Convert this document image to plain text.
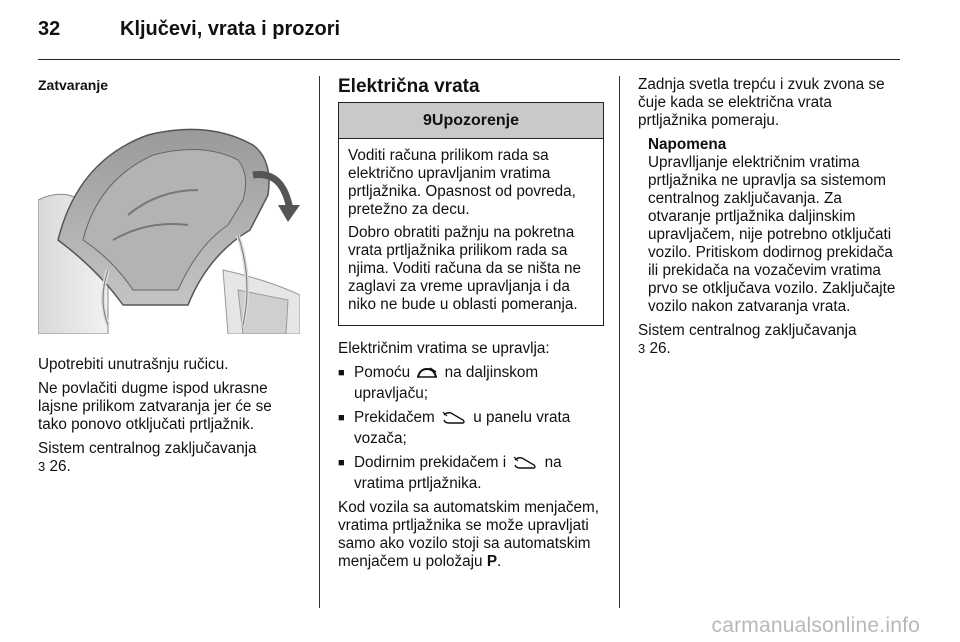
32	Ključevi, vrata i prozori
Zatvaranje

Upotrebiti unutrašnju ručicu.

Ne povlačiti dugme ispod ukrasne lajsne prilikom zatvaranja jer će se tako ponovo otključati prtljažnik.

Sistem centralnog zaključavanja
3 26.

Električna vrata
9Upozorenje

Voditi računa prilikom rada sa električno upravljanim vratima prtljažnika. Opasnost od povreda, pretežno za decu.

Dobro obratiti pažnju na pokretna vrata prtljažnika prilikom rada sa njima. Voditi računa da se ništa ne zaglavi za vreme upravljanja i da niko ne bude u oblasti pomeranja.

Električnim vratima se upravlja:

■ Pomoću na daljinskom upravljaču;
■ Prekidačem	u panelu vrata vozača;
■ Dodirnim prekidačem i	na vratima prtljažnika.

Kod vozila sa automatskim menjačem, vratima prtljažnika se može upravljati samo ako vozilo stoji sa automatskim menjačem u položaju P.

Zadnja svetla trepću i zvuk zvona se čuje kada se električna vrata prtljažnika pomeraju.

Napomena
Upravlljanje električnim vratima prtljažnika ne upravlja sa sistemom centralnog zaključavanja. Za otvaranje prtljažnika daljinskim upravljačem, nije potrebno otključati vozilo. Pritiskom dodirnog prekidača ili prekidača na vozačevim vratima prvo se otključava vozilo. Zaključajte vozilo nakon zatvaranja vrata.

Sistem centralnog zaključavanja
3 26.

carmanualsonline.info
